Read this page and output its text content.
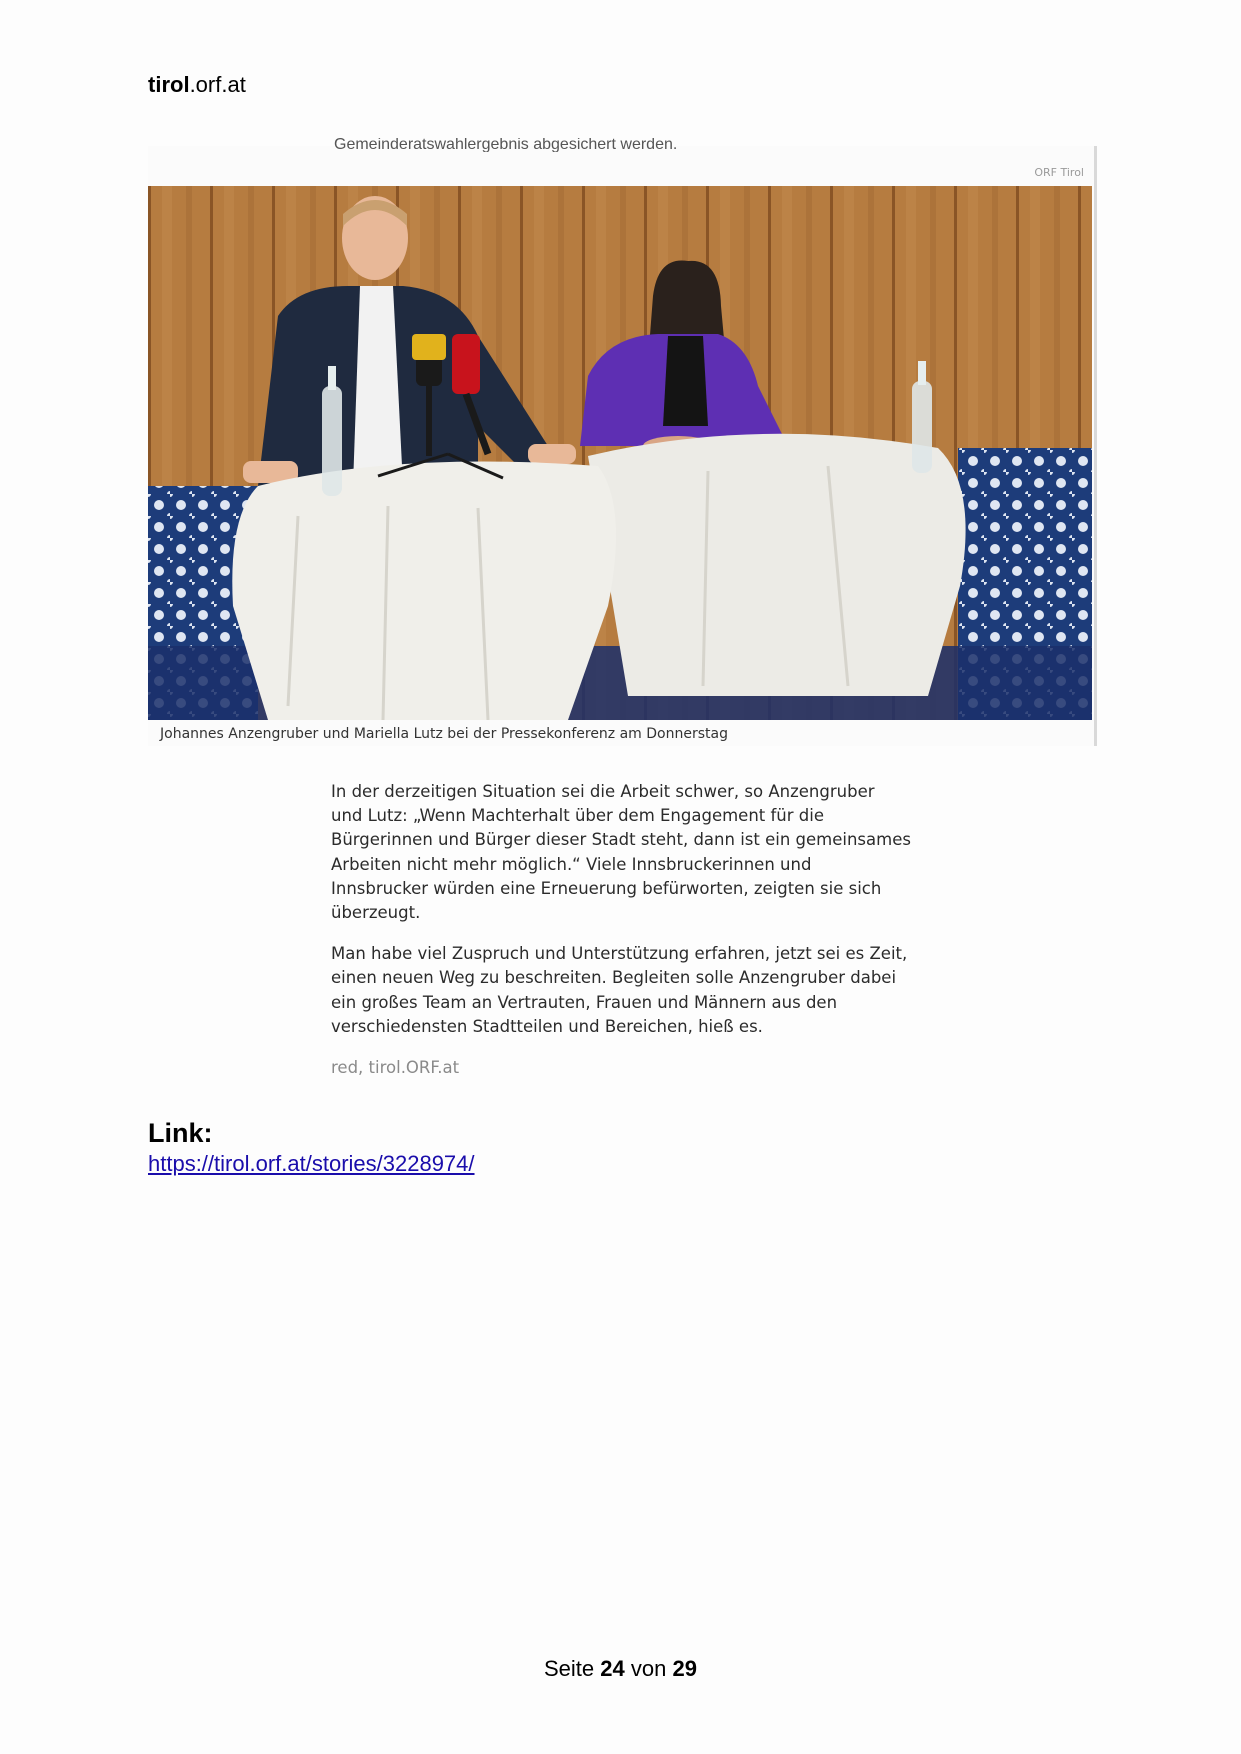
tirol.orf.at
Gemeinderatswahlergebnis abgesichert werden.
ORF Tirol
Johannes Anzengruber und Mariella Lutz bei der Pressekonferenz am Donnerstag

In der derzeitigen Situation sei die Arbeit schwer, so Anzengruber und Lutz: „Wenn Machterhalt über dem Engagement für die Bürgerinnen und Bürger dieser Stadt steht, dann ist ein gemeinsames Arbeiten nicht mehr möglich.“ Viele Innsbruckerinnen und Innsbrucker würden eine Erneuerung befürworten, zeigten sie sich überzeugt.

Man habe viel Zuspruch und Unterstützung erfahren, jetzt sei es Zeit, einen neuen Weg zu beschreiten. Begleiten solle Anzengruber dabei ein großes Team an Vertrauten, Frauen und Männern aus den verschiedensten Stadtteilen und Bereichen, hieß es.

red, tirol.ORF.at
Link:
https://tirol.orf.at/stories/3228974/
Seite 24 von 29
